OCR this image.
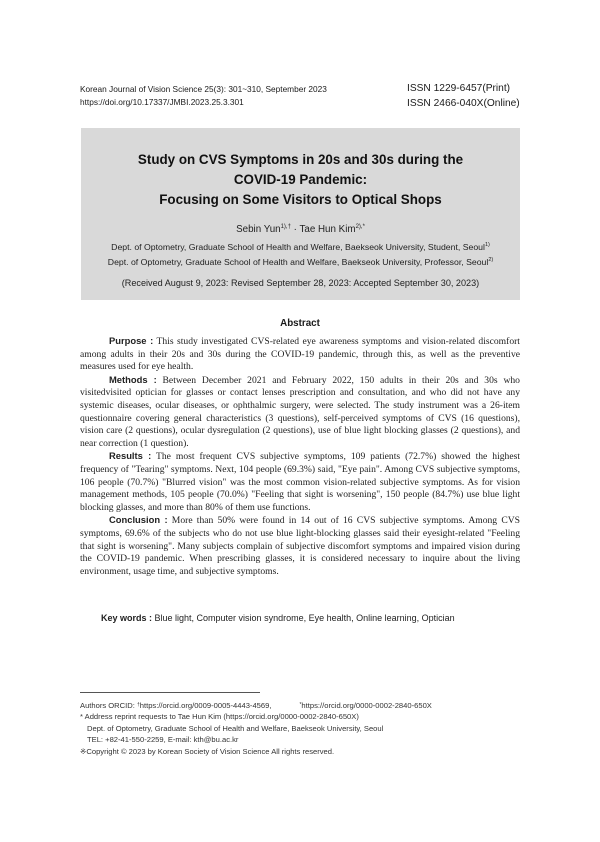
Korean Journal of Vision Science 25(3): 301~310, September 2023
https://doi.org/10.17337/JMBI.2023.25.3.301
ISSN 1229-6457(Print)
ISSN 2466-040X(Online)
Study on CVS Symptoms in 20s and 30s during the
COVID-19 Pandemic:
Focusing on Some Visitors to Optical Shops
Sebin Yun$^{1),\dagger}$ · Tae Hun Kim$^{2),*}$
Dept. of Optometry, Graduate School of Health and Welfare, Baekseok University, Student, Seoul$^{1)}$
Dept. of Optometry, Graduate School of Health and Welfare, Baekseok University, Professor, Seoul$^{2)}$
(Received August 9, 2023: Revised September 28, 2023: Accepted September 30, 2023)
Abstract

Purpose : This study investigated CVS-related eye awareness symptoms and vision-related discomfort among adults in their 20s and 30s during the COVID-19 pandemic, through this, as well as the preventive measures used for eye health.

Methods : Between December 2021 and February 2022, 150 adults in their 20s and 30s who visitedvisited optician for glasses or contact lenses prescription and consultation, and who did not have any systemic diseases, ocular diseases, or ophthalmic surgery, were selected. The study instrument was a 26-item questionnaire covering general characteristics (3 questions), self-perceived symptoms of CVS (16 questions), vision care (2 questions), ocular dysregulation (2 questions), use of blue light blocking glasses (2 questions), and near correction (1 question).

Results : The most frequent CVS subjective symptoms, 109 patients (72.7%) showed the highest frequency of "Tearing" symptoms. Next, 104 people (69.3%) said, "Eye pain". Among CVS subjective symptoms, 106 people (70.7%) "Blurred vision" was the most common vision-related subjective symptoms. As for vision management methods, 105 people (70.0%) "Feeling that sight is worsening", 150 people (84.7%) use blue light blocking glasses, and more than 80% of them use functions.

Conclusion : More than 50% were found in 14 out of 16 CVS subjective symptoms. Among CVS symptoms, 69.6% of the subjects who do not use blue light-blocking glasses said their eyesight-related "Feeling that sight is worsening". Many subjects complain of subjective discomfort symptoms and impaired vision during the COVID-19 pandemic. When prescribing glasses, it is considered necessary to inquire about the living environment, usage time, and subjective symptoms.

Key words : Blue light, Computer vision syndrome, Eye health, Online learning, Optician
Authors ORCID: †https://orcid.org/0009-0005-4443-4569,	*https://orcid.org/0000-0002-2840-650X
* Address reprint requests to Tae Hun Kim (https://orcid.org/0000-0002-2840-650X)
Dept. of Optometry, Graduate School of Health and Welfare, Baekseok University, Seoul
TEL: +82-41-550-2259, E-mail: kth@bu.ac.kr
※Copyright © 2023 by Korean Society of Vision Science All rights reserved.
